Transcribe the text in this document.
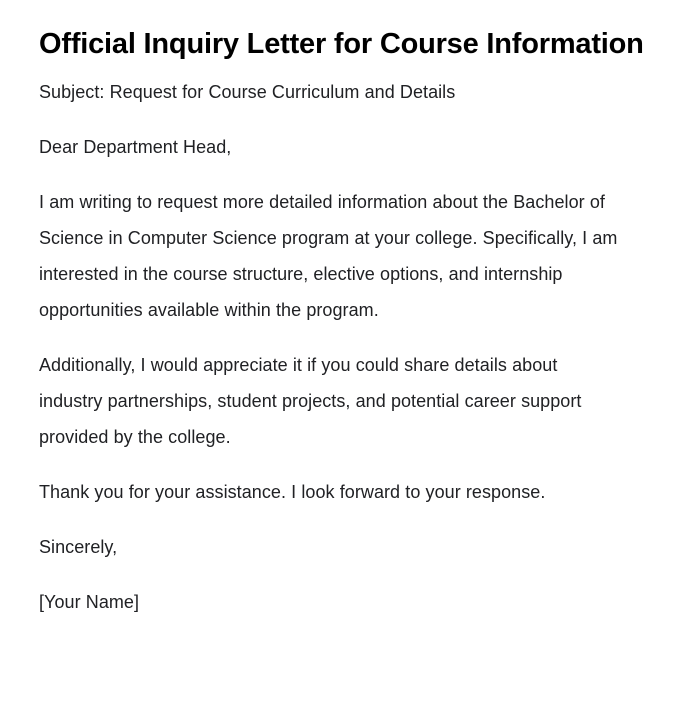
Official Inquiry Letter for Course Information

Subject: Request for Course Curriculum and Details

Dear Department Head,

I am writing to request more detailed information about the Bachelor of Science in Computer Science program at your college. Specifically, I am interested in the course structure, elective options, and internship opportunities available within the program.

Additionally, I would appreciate it if you could share details about industry partnerships, student projects, and potential career support provided by the college.

Thank you for your assistance. I look forward to your response.

Sincerely,

[Your Name]
